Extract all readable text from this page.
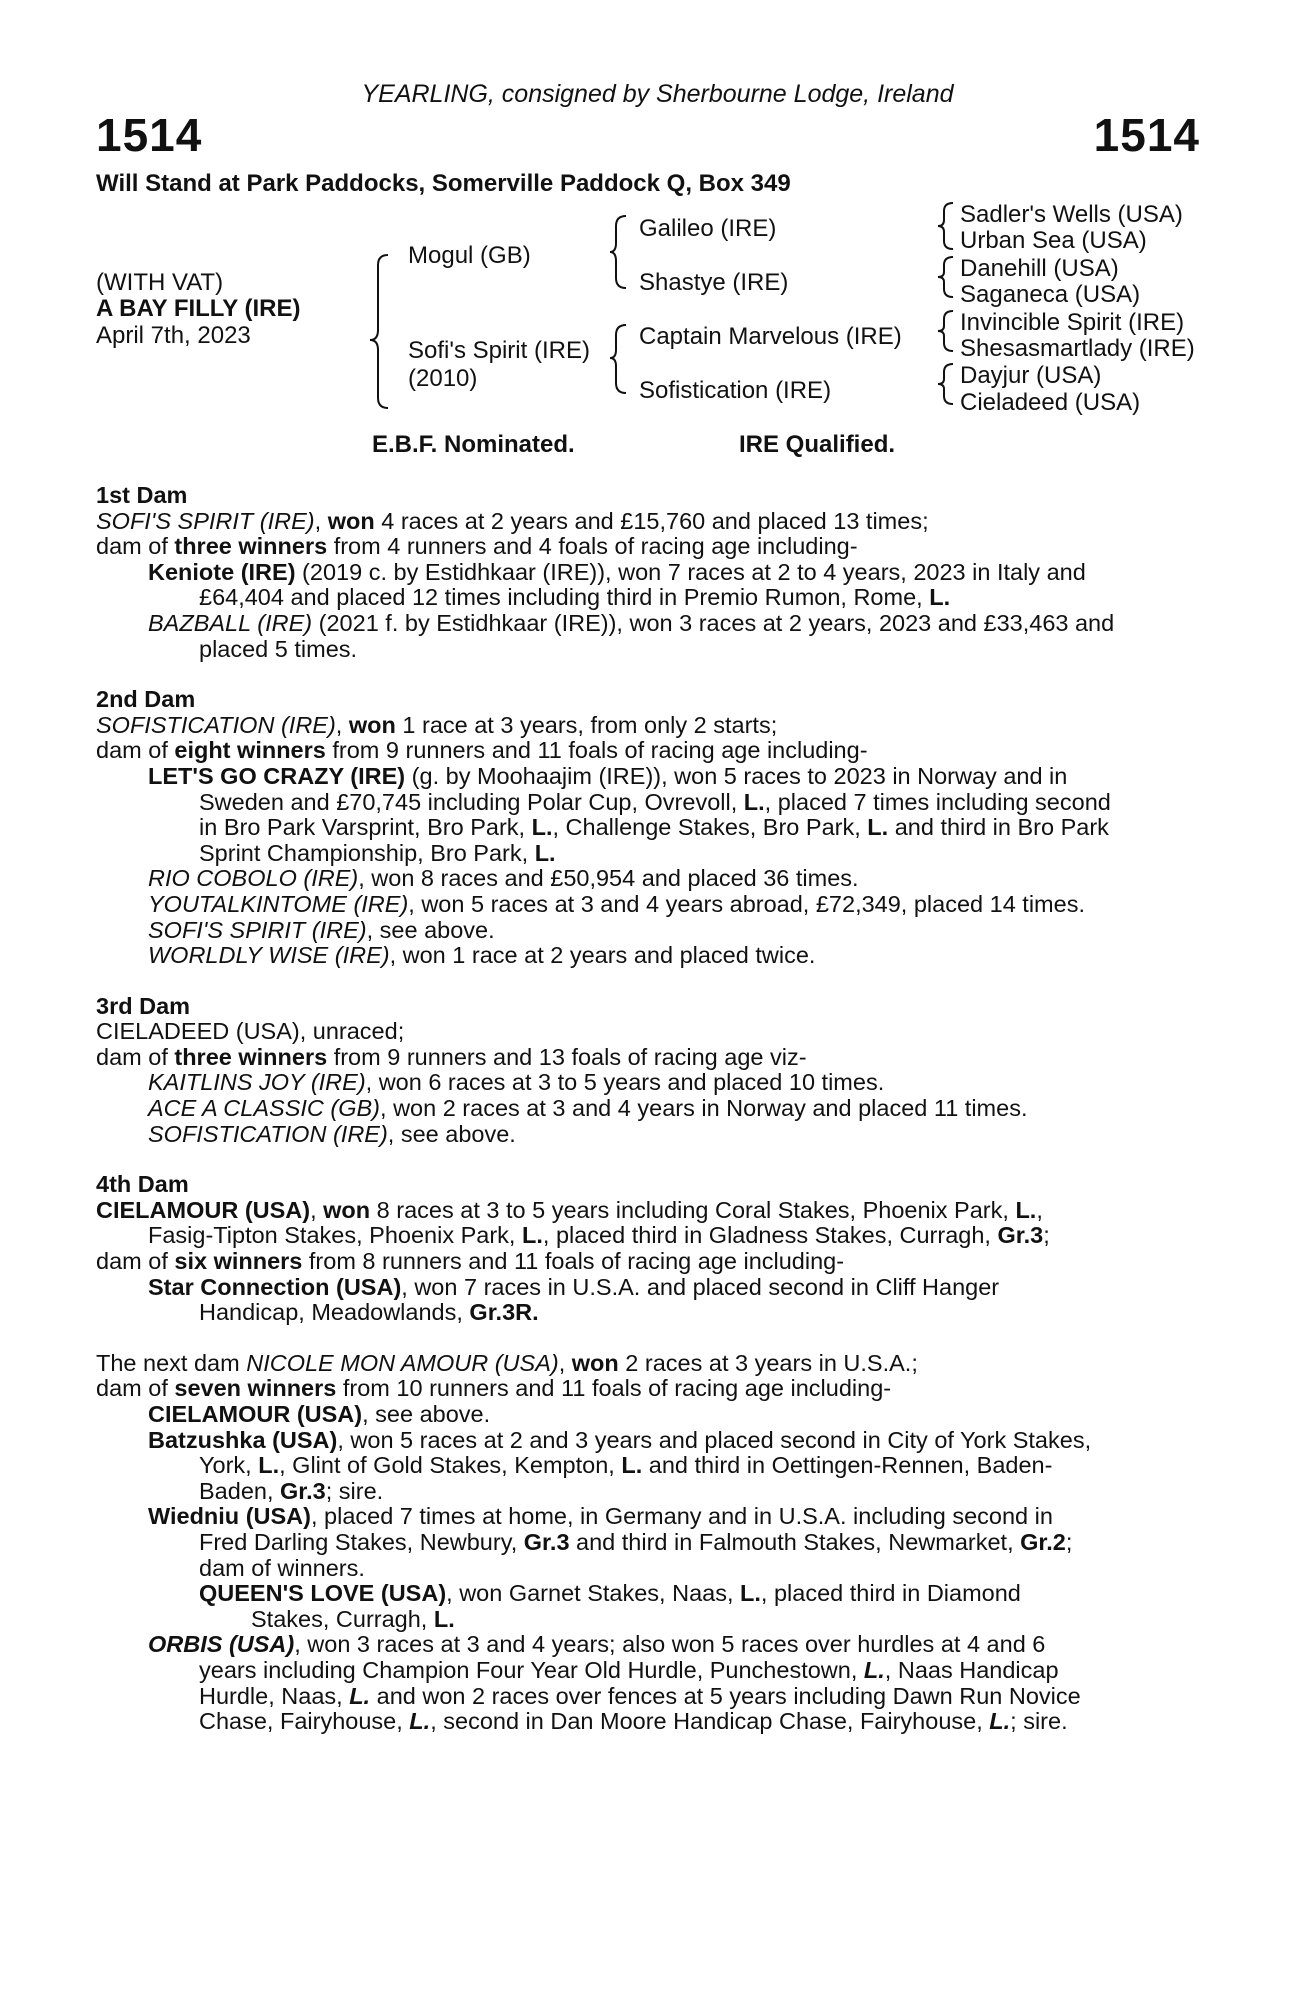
YEARLING, consigned by Sherbourne Lodge, Ireland
1514	1514
Will Stand at Park Paddocks, Somerville Paddock Q, Box 349
(WITH VAT)
A BAY FILLY (IRE)
April 7th, 2023
Mogul (GB)
Sofi's Spirit (IRE)
(2010)
Galileo (IRE)
Shastye (IRE)
Captain Marvelous (IRE)
Sofistication (IRE)
Sadler's Wells (USA)
Urban Sea (USA)
Danehill (USA)
Saganeca (USA)
Invincible Spirit (IRE)
Shesasmartlady (IRE)
Dayjur (USA)
Cieladeed (USA)
E.B.F. Nominated.	IRE Qualified.
1st Dam
SOFI'S SPIRIT (IRE), won 4 races at 2 years and £15,760 and placed 13 times;
dam of three winners from 4 runners and 4 foals of racing age including-
Keniote (IRE) (2019 c. by Estidhkaar (IRE)), won 7 races at 2 to 4 years, 2023 in Italy and
£64,404 and placed 12 times including third in Premio Rumon, Rome, L.
BAZBALL (IRE) (2021 f. by Estidhkaar (IRE)), won 3 races at 2 years, 2023 and £33,463 and
placed 5 times.
2nd Dam
SOFISTICATION (IRE), won 1 race at 3 years, from only 2 starts;
dam of eight winners from 9 runners and 11 foals of racing age including-
LET'S GO CRAZY (IRE) (g. by Moohaajim (IRE)), won 5 races to 2023 in Norway and in
Sweden and £70,745 including Polar Cup, Ovrevoll, L., placed 7 times including second
in Bro Park Varsprint, Bro Park, L., Challenge Stakes, Bro Park, L. and third in Bro Park
Sprint Championship, Bro Park, L.
RIO COBOLO (IRE), won 8 races and £50,954 and placed 36 times.
YOUTALKINTOME (IRE), won 5 races at 3 and 4 years abroad, £72,349, placed 14 times.
SOFI'S SPIRIT (IRE), see above.
WORLDLY WISE (IRE), won 1 race at 2 years and placed twice.
3rd Dam
CIELADEED (USA), unraced;
dam of three winners from 9 runners and 13 foals of racing age viz-
KAITLINS JOY (IRE), won 6 races at 3 to 5 years and placed 10 times.
ACE A CLASSIC (GB), won 2 races at 3 and 4 years in Norway and placed 11 times.
SOFISTICATION (IRE), see above.
4th Dam
CIELAMOUR (USA), won 8 races at 3 to 5 years including Coral Stakes, Phoenix Park, L.,
Fasig-Tipton Stakes, Phoenix Park, L., placed third in Gladness Stakes, Curragh, Gr.3;
dam of six winners from 8 runners and 11 foals of racing age including-
Star Connection (USA), won 7 races in U.S.A. and placed second in Cliff Hanger
Handicap, Meadowlands, Gr.3R.
The next dam NICOLE MON AMOUR (USA), won 2 races at 3 years in U.S.A.;
dam of seven winners from 10 runners and 11 foals of racing age including-
CIELAMOUR (USA), see above.
Batzushka (USA), won 5 races at 2 and 3 years and placed second in City of York Stakes,
York, L., Glint of Gold Stakes, Kempton, L. and third in Oettingen-Rennen, Baden-
Baden, Gr.3; sire.
Wiedniu (USA), placed 7 times at home, in Germany and in U.S.A. including second in
Fred Darling Stakes, Newbury, Gr.3 and third in Falmouth Stakes, Newmarket, Gr.2;
dam of winners.
QUEEN'S LOVE (USA), won Garnet Stakes, Naas, L., placed third in Diamond
Stakes, Curragh, L.
ORBIS (USA), won 3 races at 3 and 4 years; also won 5 races over hurdles at 4 and 6
years including Champion Four Year Old Hurdle, Punchestown, L., Naas Handicap
Hurdle, Naas, L. and won 2 races over fences at 5 years including Dawn Run Novice
Chase, Fairyhouse, L., second in Dan Moore Handicap Chase, Fairyhouse, L.; sire.
